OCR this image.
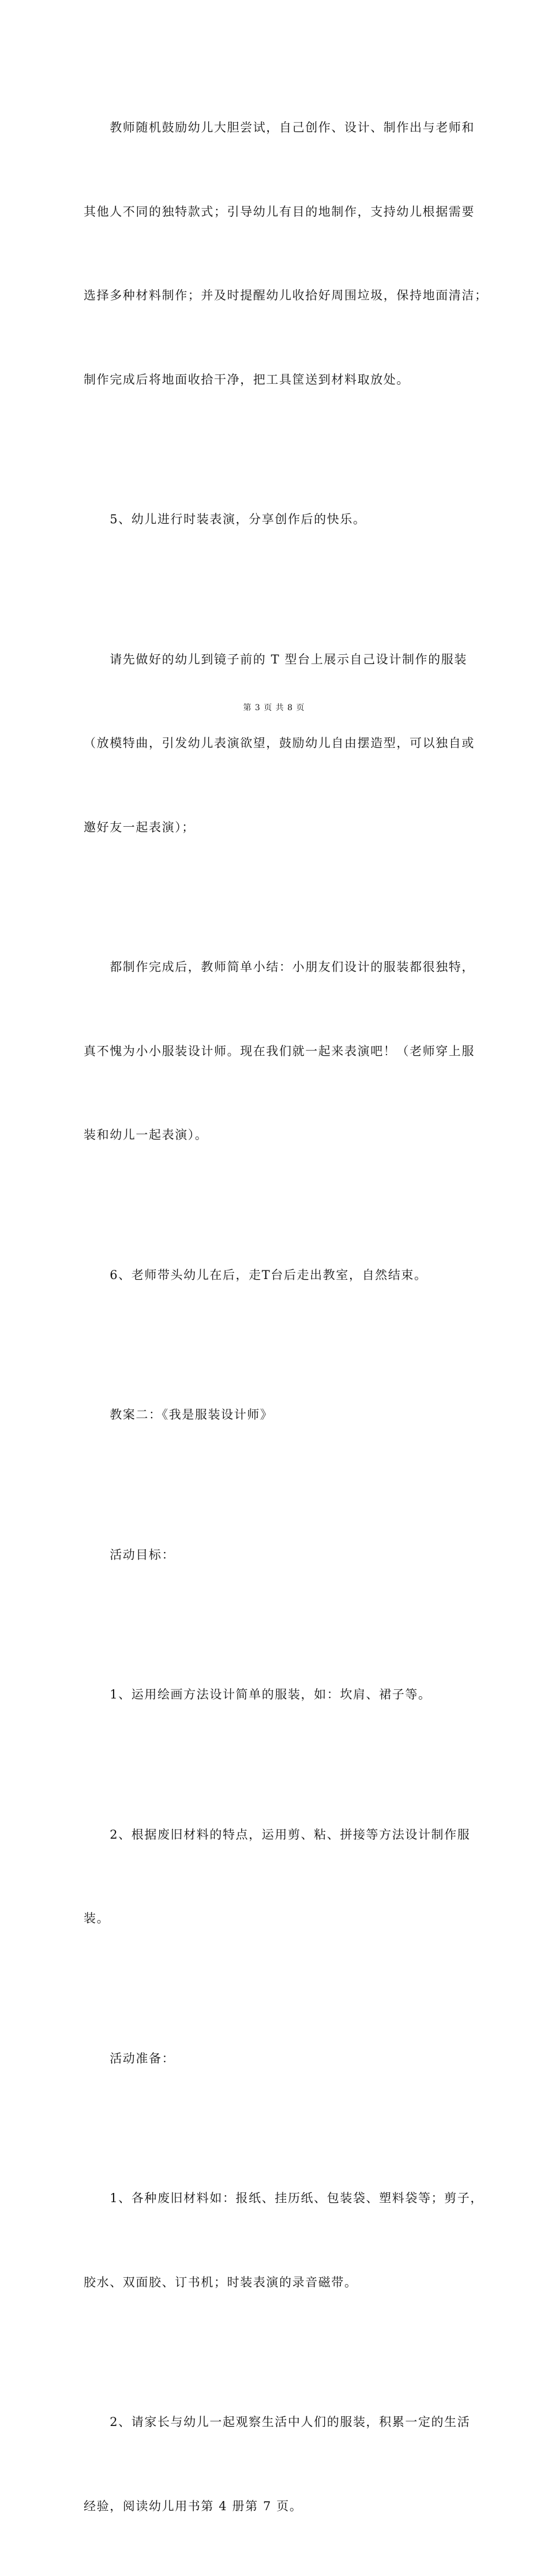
　　教师随机鼓励幼儿大胆尝试，自己创作、设计、制作出与老师和

其他人不同的独特款式；引导幼儿有目的地制作，支持幼儿根据需要

选择多种材料制作；并及时提醒幼儿收拾好周围垃圾，保持地面清洁；

制作完成后将地面收拾干净，把工具筐送到材料取放处。

　　5、幼儿进行时装表演，分享创作后的快乐。

　　请先做好的幼儿到镜子前的 T 型台上展示自己设计制作的服装

（放模特曲，引发幼儿表演欲望，鼓励幼儿自由摆造型，可以独自或

邀好友一起表演）；

　　都制作完成后，教师简单小结：小朋友们设计的服装都很独特，

真不愧为小小服装设计师。现在我们就一起来表演吧！（老师穿上服

装和幼儿一起表演）。

　　6、老师带头幼儿在后，走T台后走出教室，自然结束。

　　教案二：《我是服装设计师》

　　活动目标：

　　1、运用绘画方法设计简单的服装，如：坎肩、裙子等。

　　2、根据废旧材料的特点，运用剪、粘、拼接等方法设计制作服

装。

　　活动准备：

　　1、各种废旧材料如：报纸、挂历纸、包装袋、塑料袋等；剪子，

胶水、双面胶、订书机；时装表演的录音磁带。

　　2、请家长与幼儿一起观察生活中人们的服装，积累一定的生活

经验，阅读幼儿用书第 4 册第 7 页。

第 3 页 共 8 页
